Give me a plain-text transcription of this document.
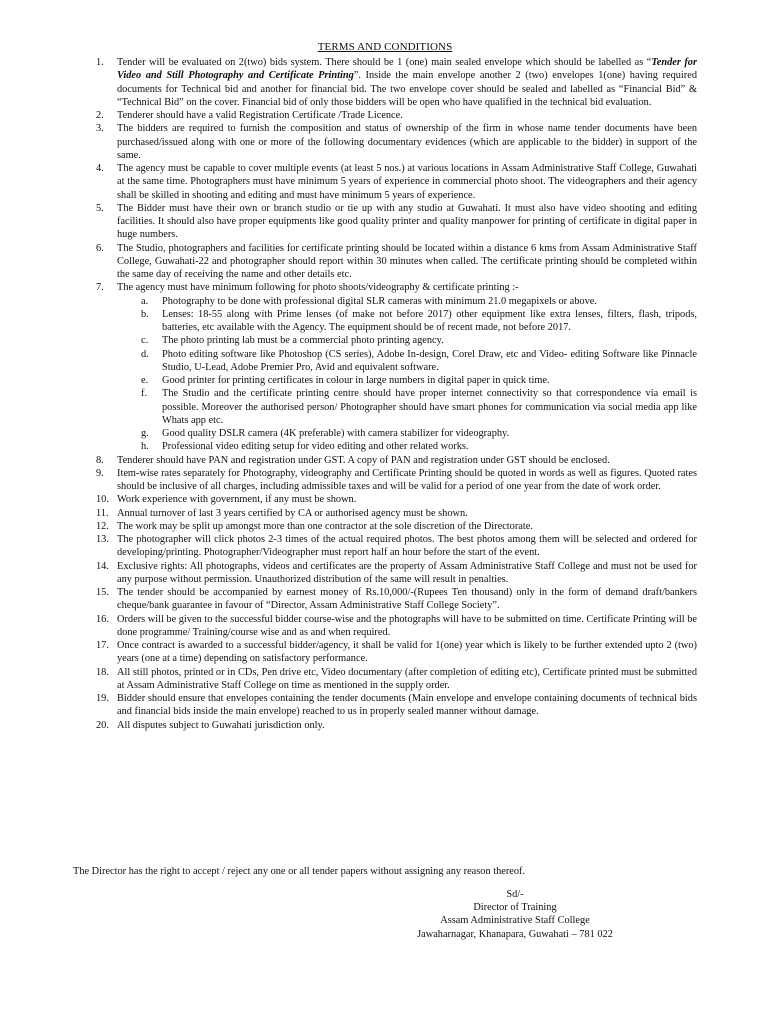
TERMS AND CONDITIONS
1.	Tender will be evaluated on 2(two) bids system. There should be 1 (one) main sealed envelope which should be labelled as “Tender for Video and Still Photography and Certificate Printing”. Inside the main envelope another 2 (two) envelopes 1(one) having required documents for Technical bid and another for financial bid. The two envelope cover should be sealed and labelled as “Financial Bid” & “Technical Bid” on the cover. Financial bid of only those bidders will be open who have qualified in the technical bid evaluation.
2.	Tenderer should have a valid Registration Certificate /Trade Licence.
3.	The bidders are required to furnish the composition and status of ownership of the firm in whose name tender documents have been purchased/issued along with one or more of the following documentary evidences (which are applicable to the bidder) in support of the same.
4.	The agency must be capable to cover multiple events (at least 5 nos.) at various locations in Assam Administrative Staff College, Guwahati at the same time. Photographers must have minimum 5 years of experience in commercial photo shoot. The videographers and their agency shall be skilled in shooting and editing and must have minimum 5 years of experience.
5.	The Bidder must have their own or branch studio or tie up with any studio at Guwahati. It must also have video shooting and editing facilities. It should also have proper equipments like good quality printer and quality manpower for printing of certificate in digital paper in huge numbers.
6.	The Studio, photographers and facilities for certificate printing should be located within a distance 6 kms from Assam Administrative Staff College, Guwahati-22 and photographer should report within 30 minutes when called. The certificate printing should be completed within the same day of receiving the name and other details etc.
7.	The agency must have minimum following for photo shoots/videography & certificate printing :-
a.	Photography to be done with professional digital SLR cameras with minimum 21.0 megapixels or above.
b.	Lenses: 18-55 along with Prime lenses (of make not before 2017) other equipment like extra lenses, filters, flash, tripods, batteries, etc available with the Agency. The equipment should be of recent made, not before 2017.
c.	The photo printing lab must be a commercial photo printing agency.
d.	Photo editing software like Photoshop (CS series), Adobe In-design, Corel Draw, etc and Video- editing Software like Pinnacle Studio, U-Lead, Adobe Premier Pro, Avid and equivalent software.
e.	Good printer for printing certificates in colour in large numbers in digital paper in quick time.
f.	The Studio and the certificate printing centre should have proper internet connectivity so that correspondence via email is possible. Moreover the authorised person/ Photographer should have smart phones for communication via social media app like Whats app etc.
g.	Good quality DSLR camera (4K preferable) with camera stabilizer for videography.
h.	Professional video editing setup for video editing and other related works.
8.	Tenderer should have PAN and registration under GST. A copy of PAN and registration under GST should be enclosed.
9.	Item-wise rates separately for Photography, videography and Certificate Printing should be quoted in words as well as figures. Quoted rates should be inclusive of all charges, including admissible taxes and will be valid for a period of one year from the date of work order.
10. Work experience with government, if any must be shown.
11. Annual turnover of last 3 years certified by CA or authorised agency must be shown.
12. The work may be split up amongst more than one contractor at the sole discretion of the Directorate.
13. The photographer will click photos 2-3 times of the actual required photos. The best photos among them will be selected and ordered for developing/printing. Photographer/Videographer must report half an hour before the start of the event.
14. Exclusive rights: All photographs, videos and certificates are the property of Assam Administrative Staff College and must not be used for any purpose without permission. Unauthorized distribution of the same will result in penalties.
15. The tender should be accompanied by earnest money of Rs.10,000/-(Rupees Ten thousand) only in the form of demand draft/bankers cheque/bank guarantee in favour of “Director, Assam Administrative Staff College Society”.
16. Orders will be given to the successful bidder course-wise and the photographs will have to be submitted on time. Certificate Printing will be done programme/ Training/course wise and as and when required.
17. Once contract is awarded to a successful bidder/agency, it shall be valid for 1(one) year which is likely to be further extended upto 2 (two) years (one at a time) depending on satisfactory performance.
18. All still photos, printed or in CDs, Pen drive etc, Video documentary (after completion of editing etc), Certificate printed must be submitted at Assam Administrative Staff College on time as mentioned in the supply order.
19. Bidder should ensure that envelopes containing the tender documents (Main envelope and envelope containing documents of technical bids and financial bids inside the main envelope) reached to us in properly sealed manner without damage.
20. All disputes subject to Guwahati jurisdiction only.
The Director has the right to accept / reject any one or all tender papers without assigning any reason thereof.
Sd/-
Director of Training
Assam Administrative Staff College
Jawaharnagar, Khanapara, Guwahati – 781 022
